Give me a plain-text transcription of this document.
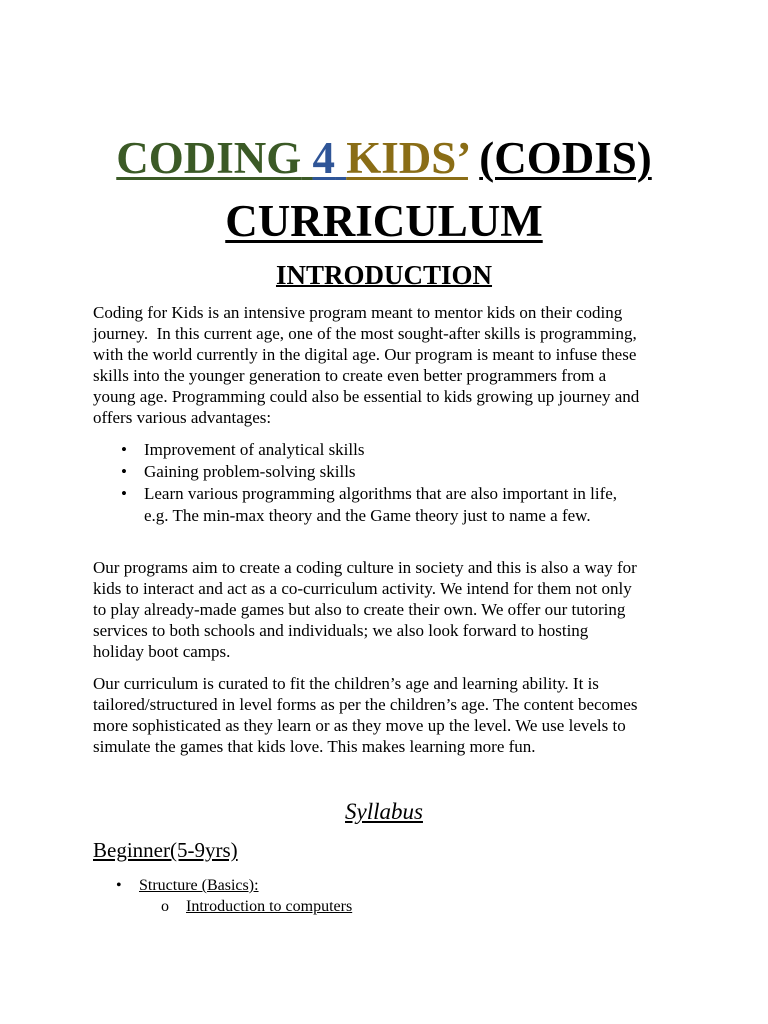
CODING 4 KIDS’ (CODIS)
CURRICULUM
INTRODUCTION
Coding for Kids is an intensive program meant to mentor kids on their coding
journey.  In this current age, one of the most sought-after skills is programming,
with the world currently in the digital age. Our program is meant to infuse these
skills into the younger generation to create even better programmers from a
young age. Programming could also be essential to kids growing up journey and
offers various advantages:
• Improvement of analytical skills
• Gaining problem-solving skills
• Learn various programming algorithms that are also important in life,
e.g. The min-max theory and the Game theory just to name a few.
Our programs aim to create a coding culture in society and this is also a way for
kids to interact and act as a co-curriculum activity. We intend for them not only
to play already-made games but also to create their own. We offer our tutoring
services to both schools and individuals; we also look forward to hosting
holiday boot camps.
Our curriculum is curated to fit the children’s age and learning ability. It is
tailored/structured in level forms as per the children’s age. The content becomes
more sophisticated as they learn or as they move up the level. We use levels to
simulate the games that kids love. This makes learning more fun.
Syllabus
Beginner(5-9yrs)
• Structure (Basics):
o Introduction to computers
